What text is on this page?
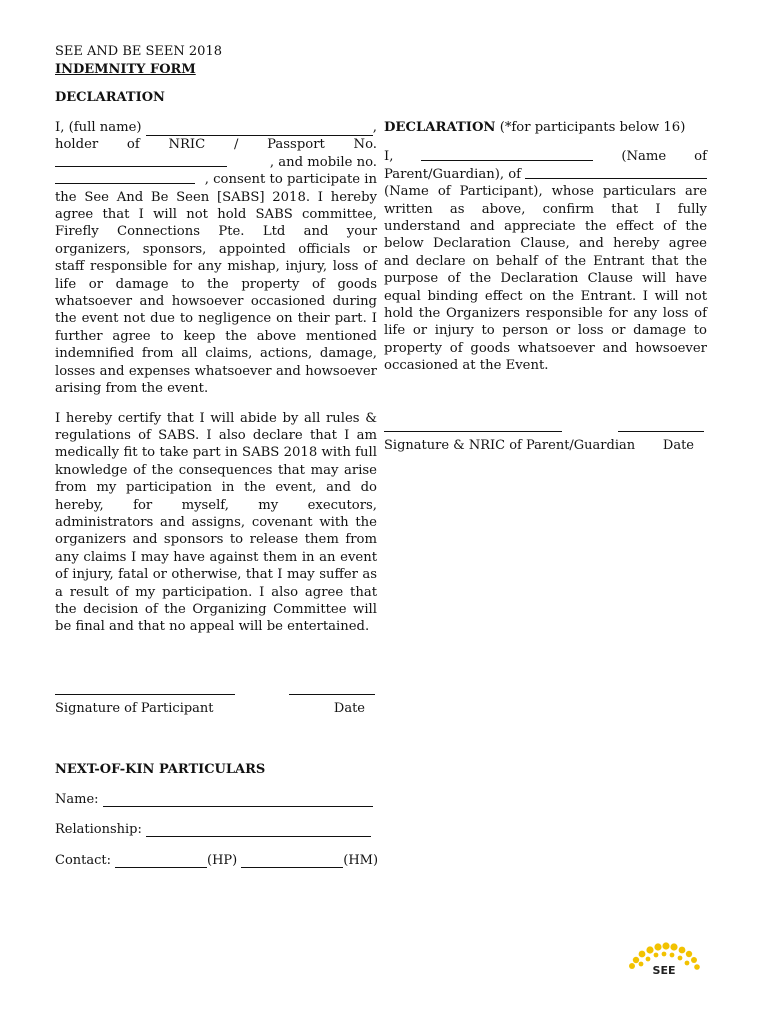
SEE AND BE SEEN 2018
INDEMNITY FORM
DECLARATION
I, (full name)	,
holder of NRIC / Passport No.
, and mobile no.
, consent to participate in

the See And Be Seen [SABS] 2018. I hereby agree that I will not hold SABS committee, Firefly Connections Pte. Ltd and your organizers, sponsors, appointed officials or staff responsible for any mishap, injury, loss of life or damage to the property of goods whatsoever and howsoever occasioned during the event not due to negligence on their part. I further agree to keep the above mentioned indemnified from all claims, actions, damage, losses and expenses whatsoever and howsoever arising from the event.

I hereby certify that I will abide by all rules & regulations of SABS. I also declare that I am medically fit to take part in SABS 2018 with full knowledge of the consequences that may arise from my participation in the event, and do hereby, for myself, my executors, administrators and assigns, covenant with the organizers and sponsors to release them from any claims I may have against them in an event of injury, fatal or otherwise, that I may suffer as a result of my participation. I also agree that the decision of the Organizing Committee will be final and that no appeal will be entertained.

Signature of Participant	Date
DECLARATION (*for participants below 16)
I,	(Name of
Parent/Guardian), of

(Name of Participant), whose particulars are written as above, confirm that I fully understand and appreciate the effect of the below Declaration Clause, and hereby agree and declare on behalf of the Entrant that the purpose of the Declaration Clause will have equal binding effect on the Entrant. I will not hold the Organizers responsible for any loss of life or injury to person or loss or damage to property of goods whatsoever and howsoever occasioned at the Event.

Signature & NRIC of Parent/Guardian Date
NEXT-OF-KIN PARTICULARS
Name:
Relationship:
Contact:	(HP)	(HM)
SEE
